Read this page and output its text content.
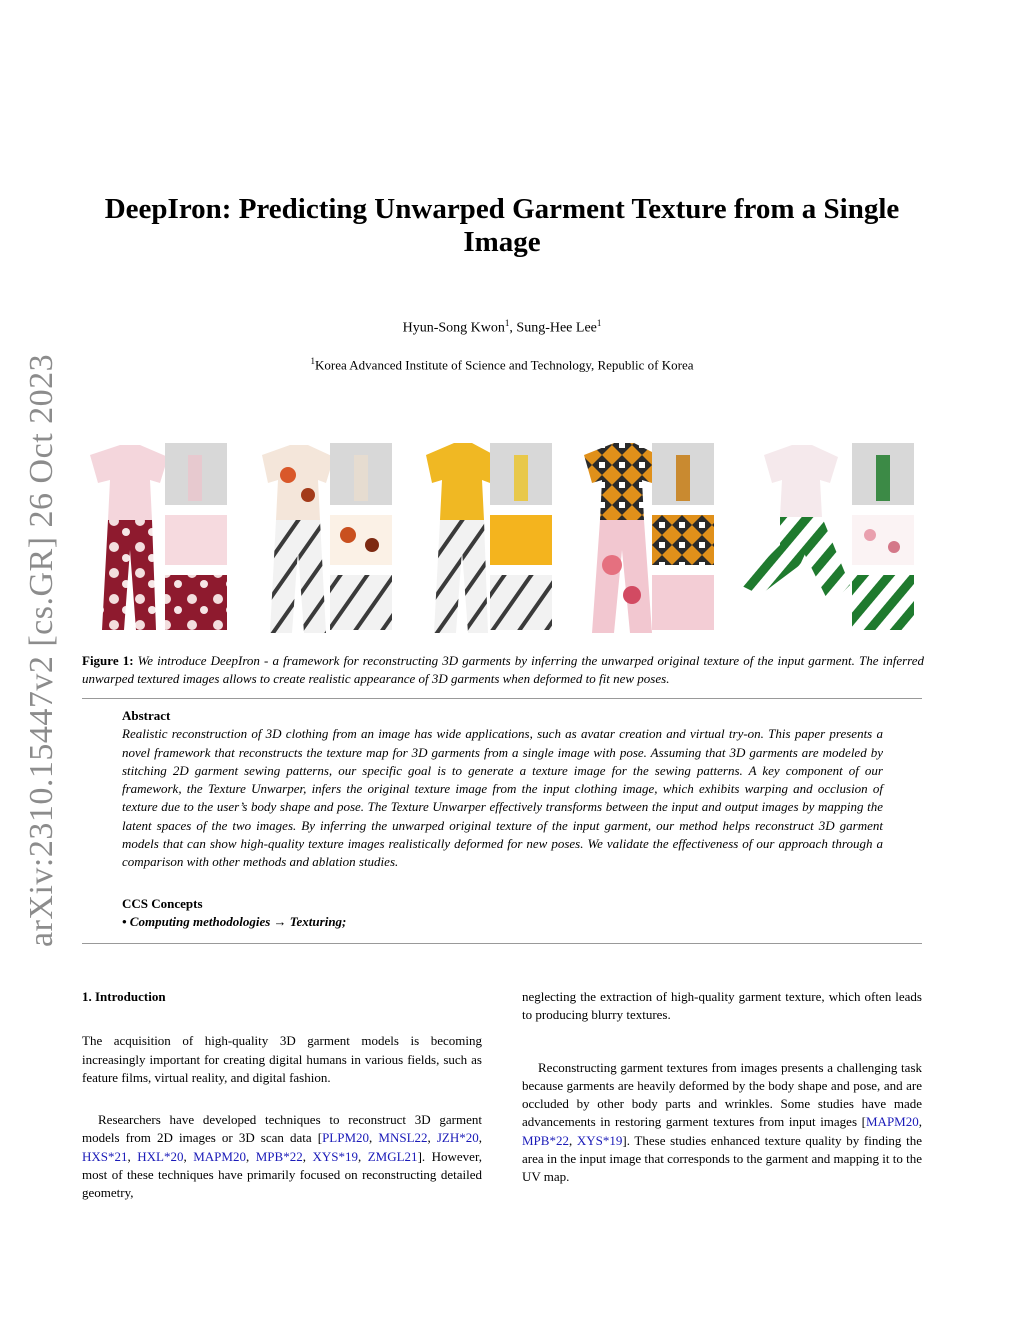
arXiv:2310.15447v2 [cs.GR] 26 Oct 2023
DeepIron: Predicting Unwarped Garment Texture from a Single Image
Hyun-Song Kwon$^1$, Sung-Hee Lee$^1$
$^1$Korea Advanced Institute of Science and Technology, Republic of Korea
Figure 1: We introduce DeepIron - a framework for reconstructing 3D garments by inferring the unwarped original texture of the input garment. The inferred unwarped textured images allows to create realistic appearance of 3D garments when deformed to fit new poses.
Abstract

Realistic reconstruction of 3D clothing from an image has wide applications, such as avatar creation and virtual try-on. This paper presents a novel framework that reconstructs the texture map for 3D garments from a single image with pose. Assuming that 3D garments are modeled by stitching 2D garment sewing patterns, our specific goal is to generate a texture image for the sewing patterns. A key component of our framework, the Texture Unwarper, infers the original texture image from the input clothing image, which exhibits warping and occlusion of texture due to the user’s body shape and pose. The Texture Unwarper effectively transforms between the input and output images by mapping the latent spaces of the two images. By inferring the unwarped original texture of the input garment, our method helps reconstruct 3D garment models that can show high-quality texture images realistically deformed for new poses. We validate the effectiveness of our approach through a comparison with other methods and ablation studies.

CCS Concepts
• Computing methodologies → Texturing;
1. Introduction

The acquisition of high-quality 3D garment models is becoming increasingly important for creating digital humans in various fields, such as feature films, virtual reality, and digital fashion.

Researchers have developed techniques to reconstruct 3D garment models from 2D images or 3D scan data [PLPM20, MNSL22, JZH*20, HXS*21, HXL*20, MAPM20, MPB*22, XYS*19, ZMGL21]. However, most of these techniques have primarily focused on reconstructing detailed geometry,

neglecting the extraction of high-quality garment texture, which often leads to producing blurry textures.

Reconstructing garment textures from images presents a challenging task because garments are heavily deformed by the body shape and pose, and are occluded by other body parts and wrinkles. Some studies have made advancements in restoring garment textures from input images [MAPM20, MPB*22, XYS*19]. These studies enhanced texture quality by finding the area in the input image that corresponds to the garment and mapping it to the UV map.
